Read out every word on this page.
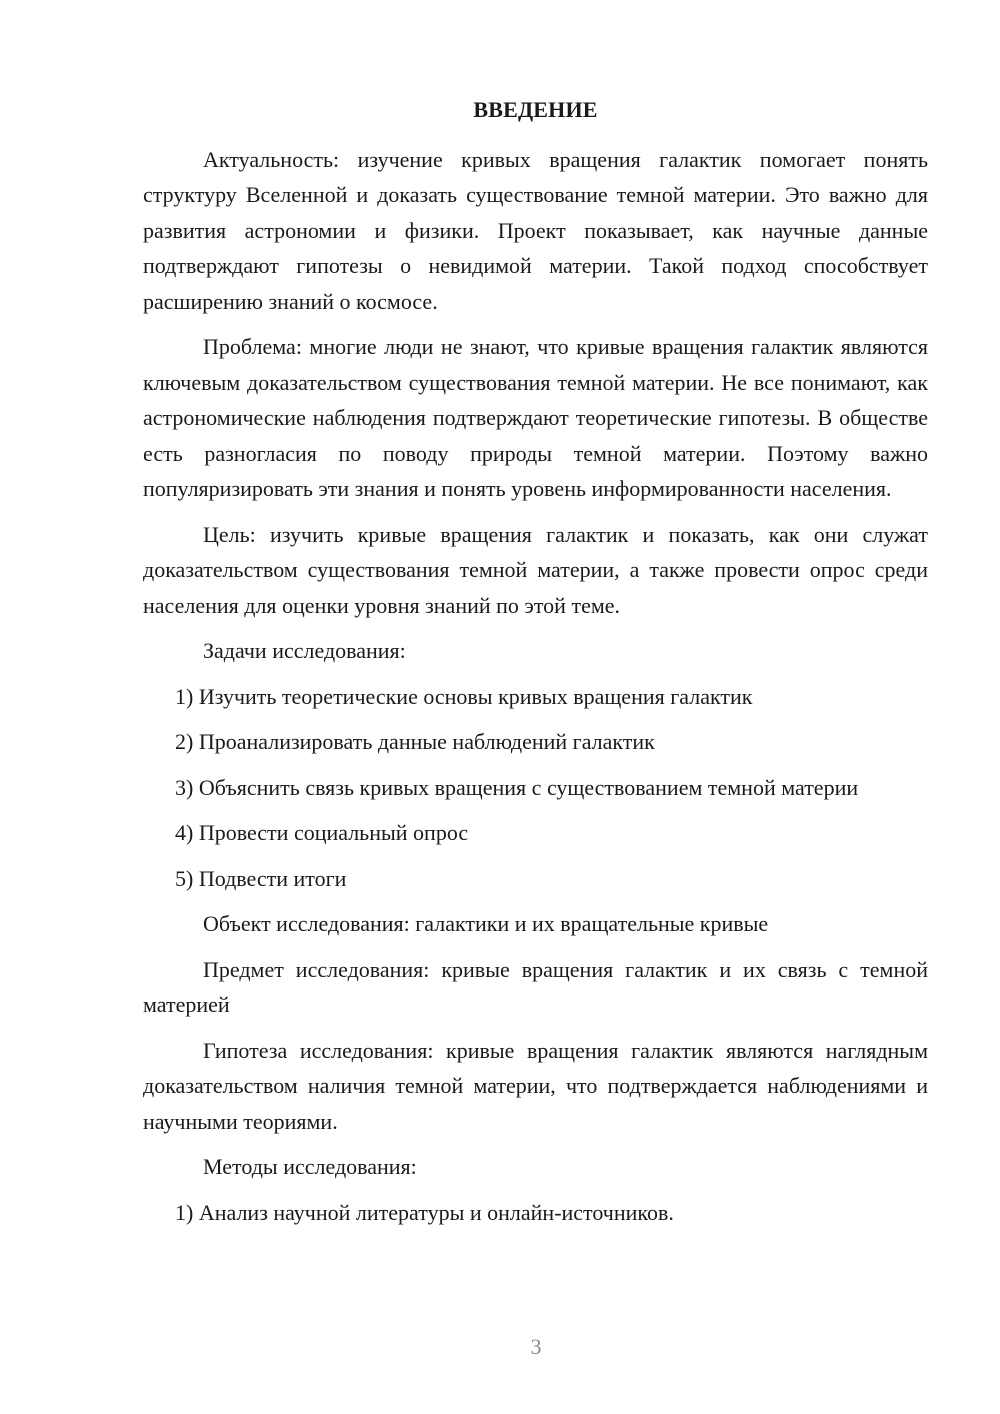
ВВЕДЕНИЕ

Актуальность: изучение кривых вращения галактик помогает понять структуру Вселенной и доказать существование темной материи. Это важно для развития астрономии и физики. Проект показывает, как научные данные подтверждают гипотезы о невидимой материи. Такой подход способствует расширению знаний о космосе.

Проблема: многие люди не знают, что кривые вращения галактик являются ключевым доказательством существования темной материи. Не все понимают, как астрономические наблюдения подтверждают теоретические гипотезы. В обществе есть разногласия по поводу природы темной материи. Поэтому важно популяризировать эти знания и понять уровень информированности населения.

Цель: изучить кривые вращения галактик и показать, как они служат доказательством существования темной материи, а также провести опрос среди населения для оценки уровня знаний по этой теме.

Задачи исследования:

1) Изучить теоретические основы кривых вращения галактик

2) Проанализировать данные наблюдений галактик

3) Объяснить связь кривых вращения с существованием темной материи

4) Провести социальный опрос

5) Подвести итоги

Объект исследования: галактики и их вращательные кривые

Предмет исследования: кривые вращения галактик и их связь с темной материей

Гипотеза исследования: кривые вращения галактик являются наглядным доказательством наличия темной материи, что подтверждается наблюдениями и научными теориями.

Методы исследования:

1) Анализ научной литературы и онлайн-источников.

3
